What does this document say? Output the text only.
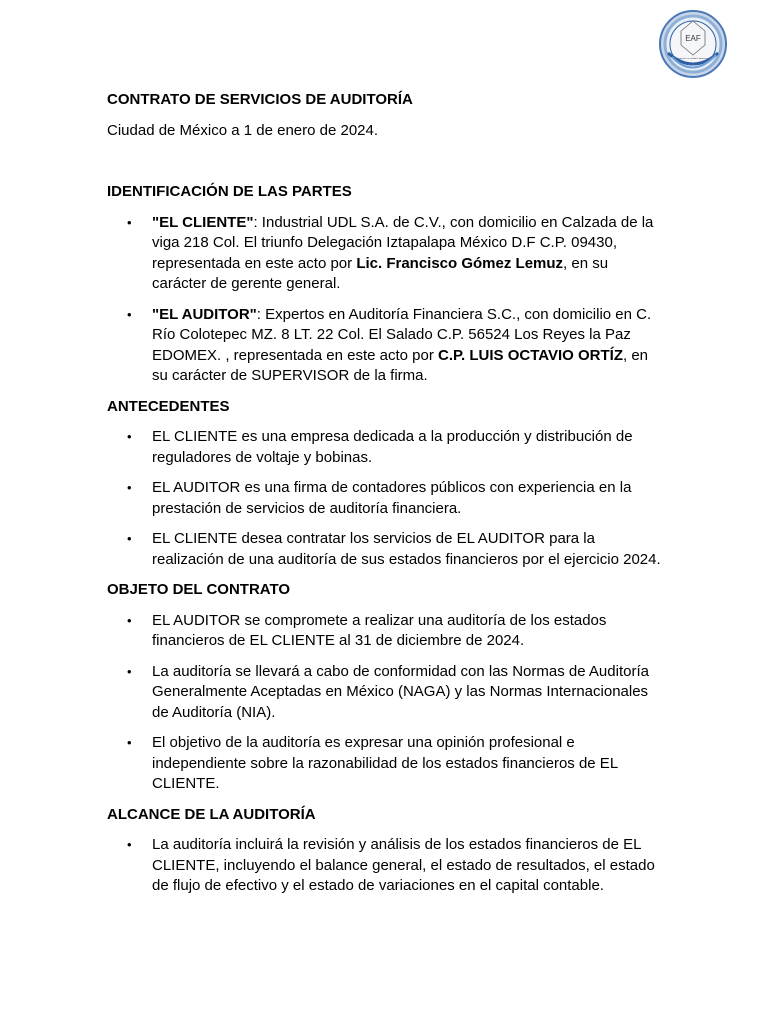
EAF
expertos en auditoría financiera

CONTRATO DE SERVICIOS DE AUDITORÍA

Ciudad de México a 1 de enero de 2024.

IDENTIFICACIÓN DE LAS PARTES

• "EL CLIENTE": Industrial UDL S.A. de C.V., con domicilio en Calzada de la viga 218 Col. El triunfo Delegación Iztapalapa México D.F C.P. 09430, representada en este acto por Lic. Francisco Gómez Lemuz, en su carácter de gerente general.
• "EL AUDITOR": Expertos en Auditoría Financiera S.C., con domicilio en C. Río Colotepec MZ. 8 LT. 22 Col. El Salado C.P. 56524 Los Reyes la Paz EDOMEX. , representada en este acto por C.P. LUIS OCTAVIO ORTÍZ, en su carácter de SUPERVISOR de la firma.

ANTECEDENTES

• EL CLIENTE es una empresa dedicada a la producción y distribución de reguladores de voltaje y bobinas.
• EL AUDITOR es una firma de contadores públicos con experiencia en la prestación de servicios de auditoría financiera.
• EL CLIENTE desea contratar los servicios de EL AUDITOR para la realización de una auditoría de sus estados financieros por el ejercicio 2024.

OBJETO DEL CONTRATO

• EL AUDITOR se compromete a realizar una auditoría de los estados financieros de EL CLIENTE al 31 de diciembre de 2024.
• La auditoría se llevará a cabo de conformidad con las Normas de Auditoría Generalmente Aceptadas en México (NAGA) y las Normas Internacionales de Auditoría (NIA).
• El objetivo de la auditoría es expresar una opinión profesional e independiente sobre la razonabilidad de los estados financieros de EL CLIENTE.

ALCANCE DE LA AUDITORÍA

• La auditoría incluirá la revisión y análisis de los estados financieros de EL CLIENTE, incluyendo el balance general, el estado de resultados, el estado de flujo de efectivo y el estado de variaciones en el capital contable.
